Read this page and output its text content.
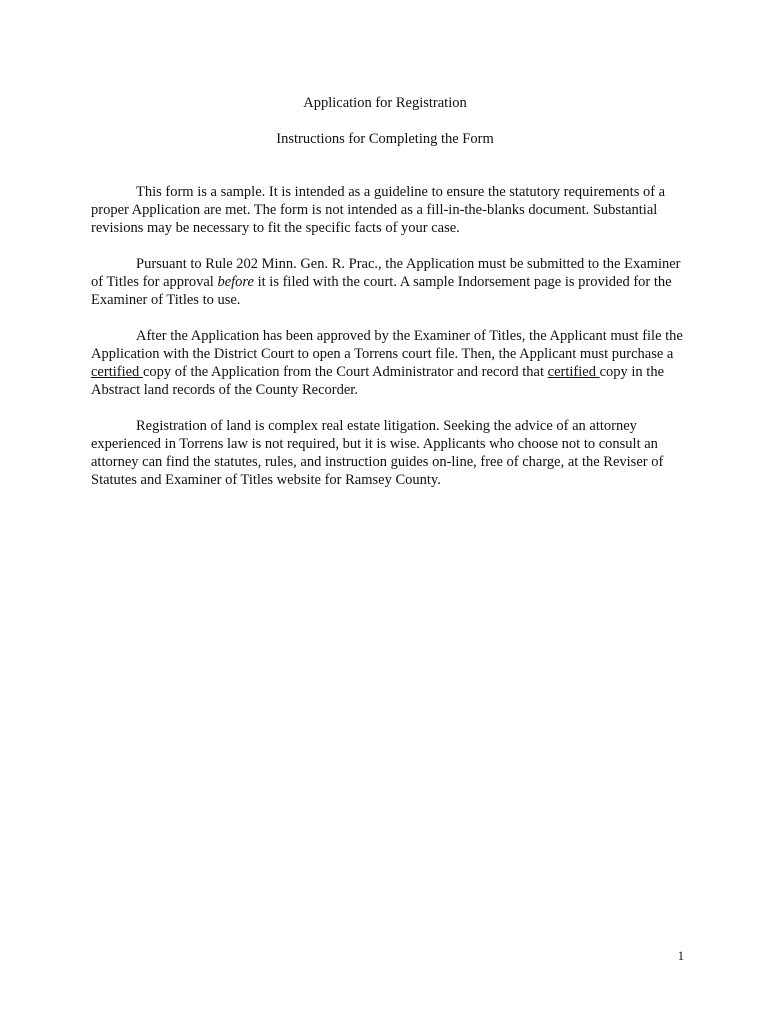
Application for Registration
Instructions for Completing the Form

This form is a sample. It is intended as a guideline to ensure the statutory requirements of a proper Application are met. The form is not intended as a fill-in-the-blanks document. Substantial revisions may be necessary to fit the specific facts of your case.

Pursuant to Rule 202 Minn. Gen. R. Prac., the Application must be submitted to the Examiner of Titles for approval before it is filed with the court. A sample Indorsement page is provided for the Examiner of Titles to use.

After the Application has been approved by the Examiner of Titles, the Applicant must file the Application with the District Court to open a Torrens court file. Then, the Applicant must purchase a certified copy of the Application from the Court Administrator and record that certified copy in the Abstract land records of the County Recorder.

Registration of land is complex real estate litigation. Seeking the advice of an attorney experienced in Torrens law is not required, but it is wise. Applicants who choose not to consult an attorney can find the statutes, rules, and instruction guides on-line, free of charge, at the Reviser of Statutes and Examiner of Titles website for Ramsey County.

1
